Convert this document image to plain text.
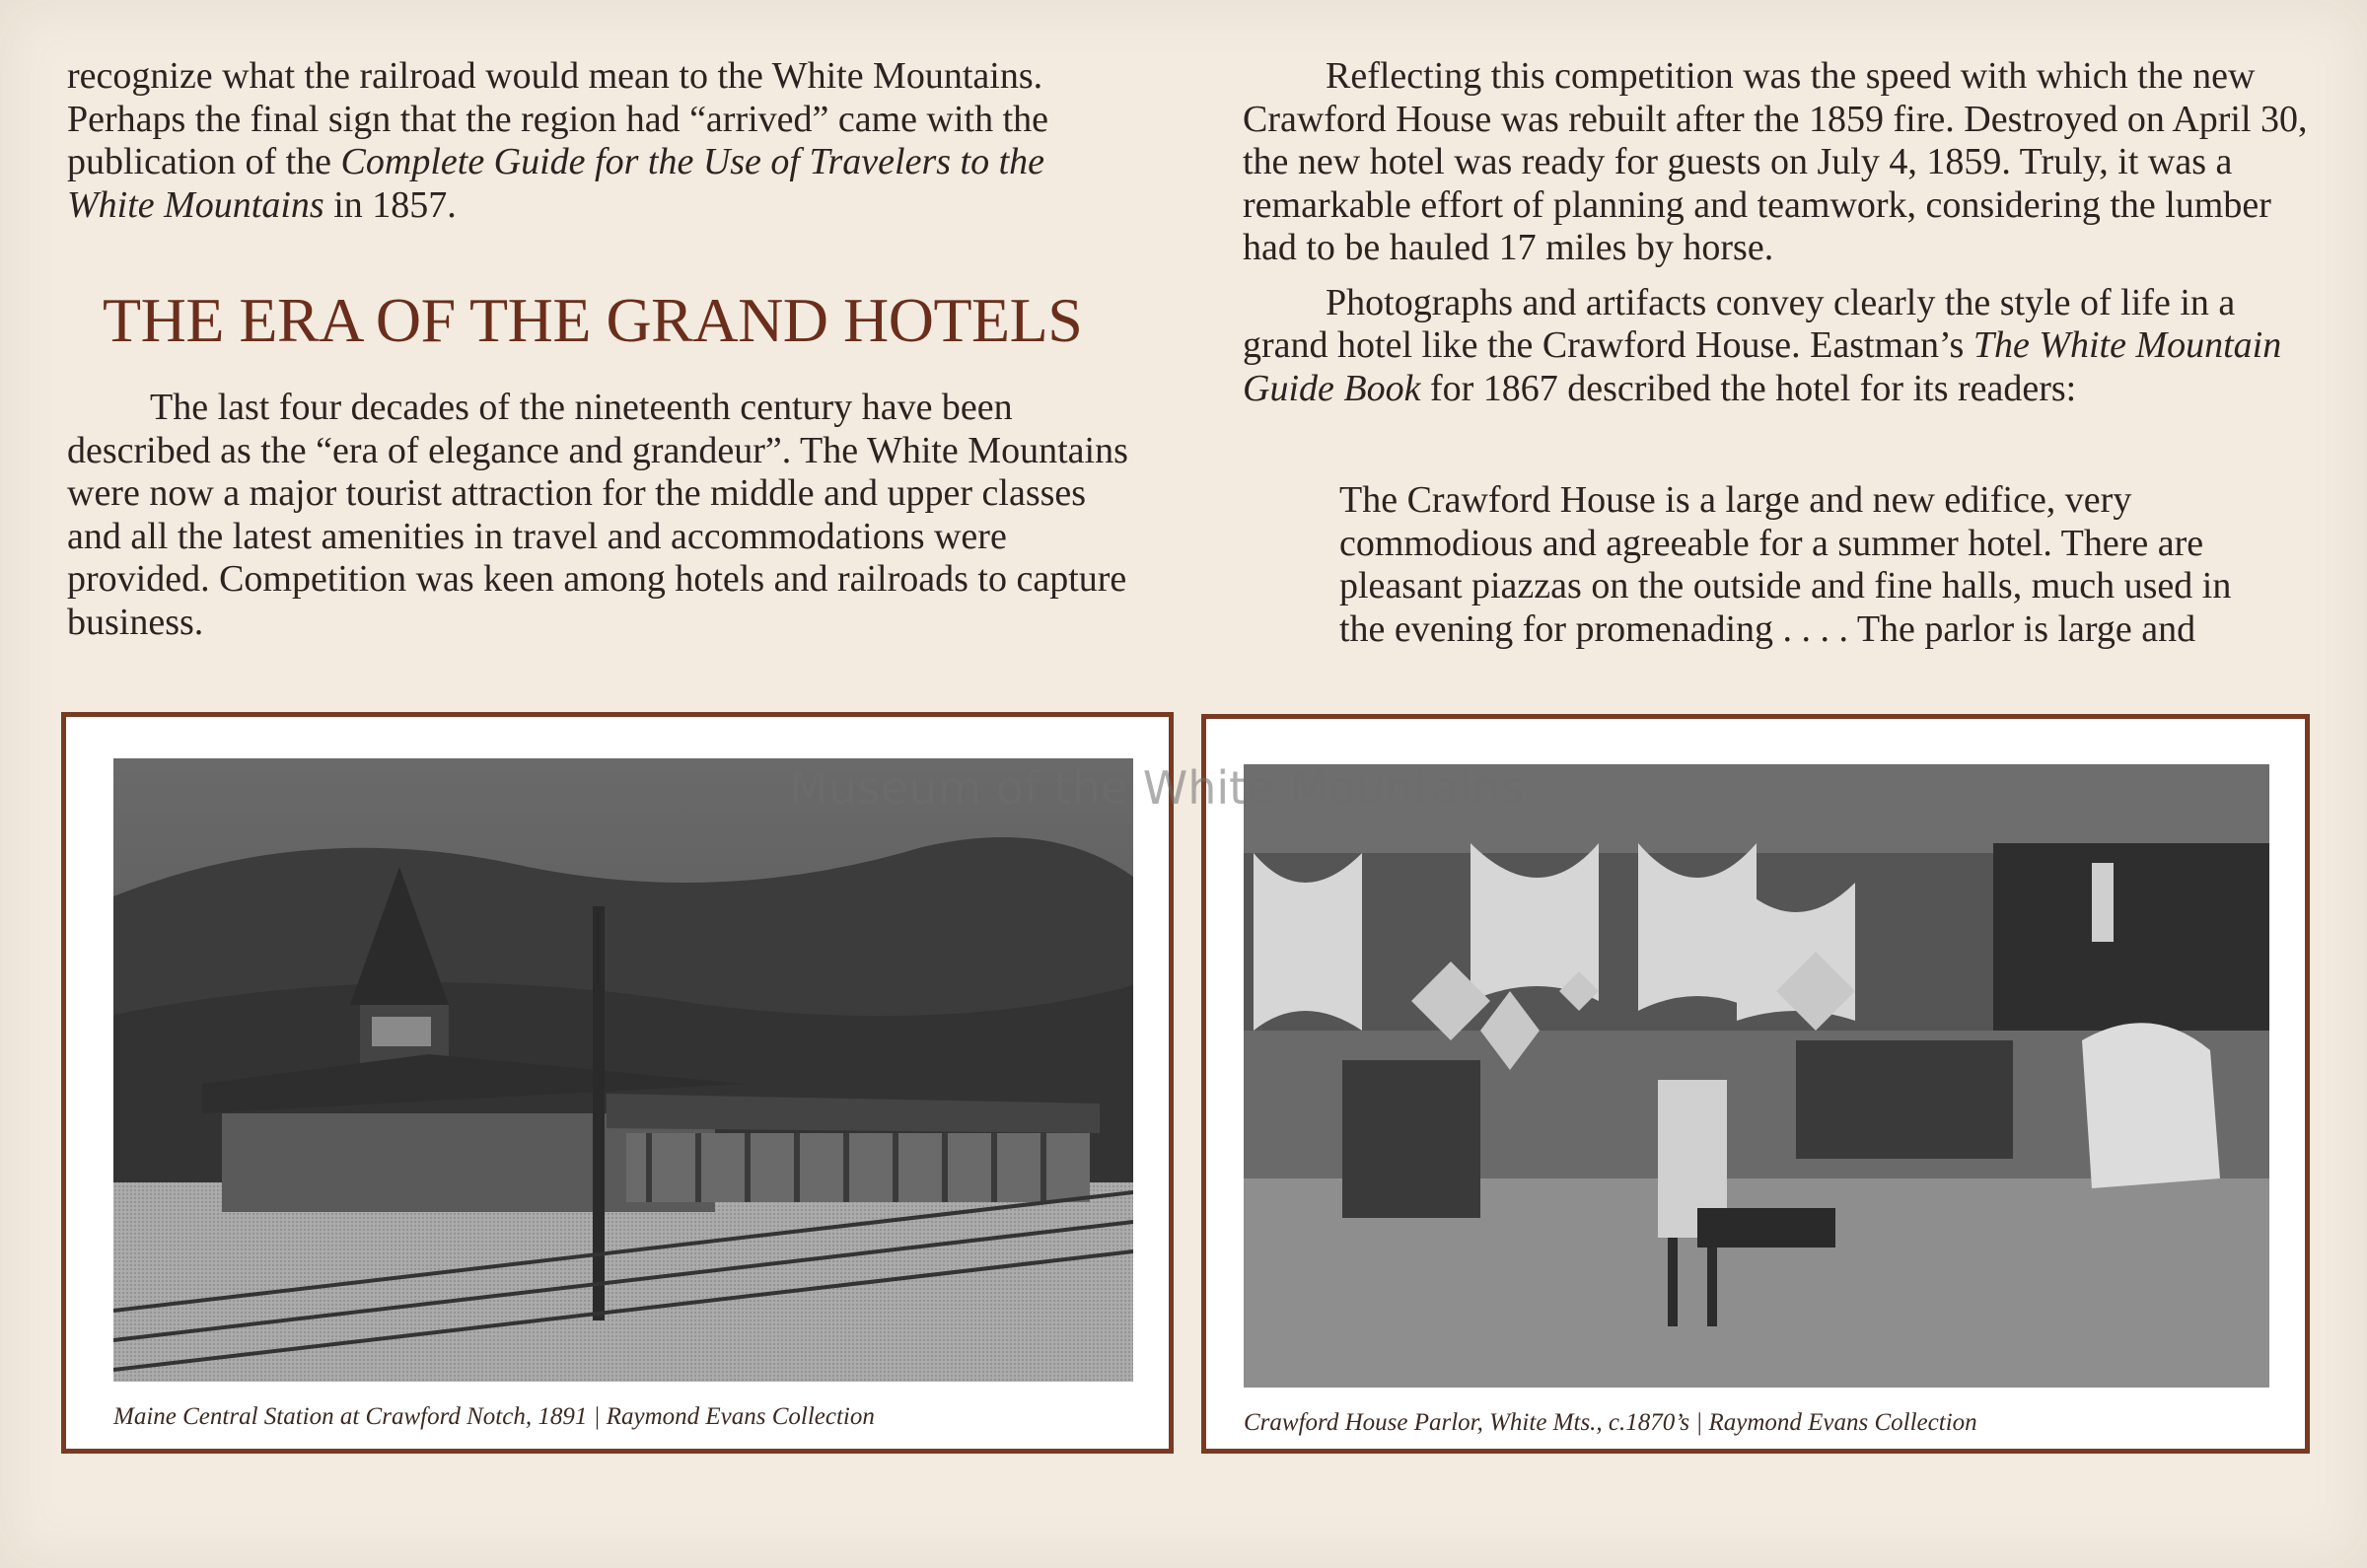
recognize what the railroad would mean to the White Mountains.
Perhaps the final sign that the region had “arrived” came with the
publication of the Complete Guide for the Use of Travelers to the White Mountains in 1857.

THE ERA OF THE GRAND HOTELS

The last four decades of the nineteenth century have been described as the “era of elegance and grandeur”. The White Mountains were now a major tourist attraction for the middle and upper classes and all the latest amenities in travel and accommodations were provided. Competition was keen among hotels and railroads to capture business.

Reflecting this competition was the speed with which the new Crawford House was rebuilt after the 1859 fire. Destroyed on April 30, the new hotel was ready for guests on July 4, 1859. Truly, it was a remarkable effort of planning and teamwork, considering the lumber had to be hauled 17 miles by horse.

Photographs and artifacts convey clearly the style of life in a grand hotel like the Crawford House. Eastman’s The White Mountain Guide Book for 1867 described the hotel for its readers:

The Crawford House is a large and new edifice, very commodious and agreeable for a summer hotel. There are pleasant piazzas on the outside and fine halls, much used in the evening for promenading . . . . The parlor is large and

Maine Central Station at Crawford Notch, 1891 | Raymond Evans Collection	Crawford House Parlor, White Mts., c.1870’s | Raymond Evans Collection
Museum of the White Mountains
